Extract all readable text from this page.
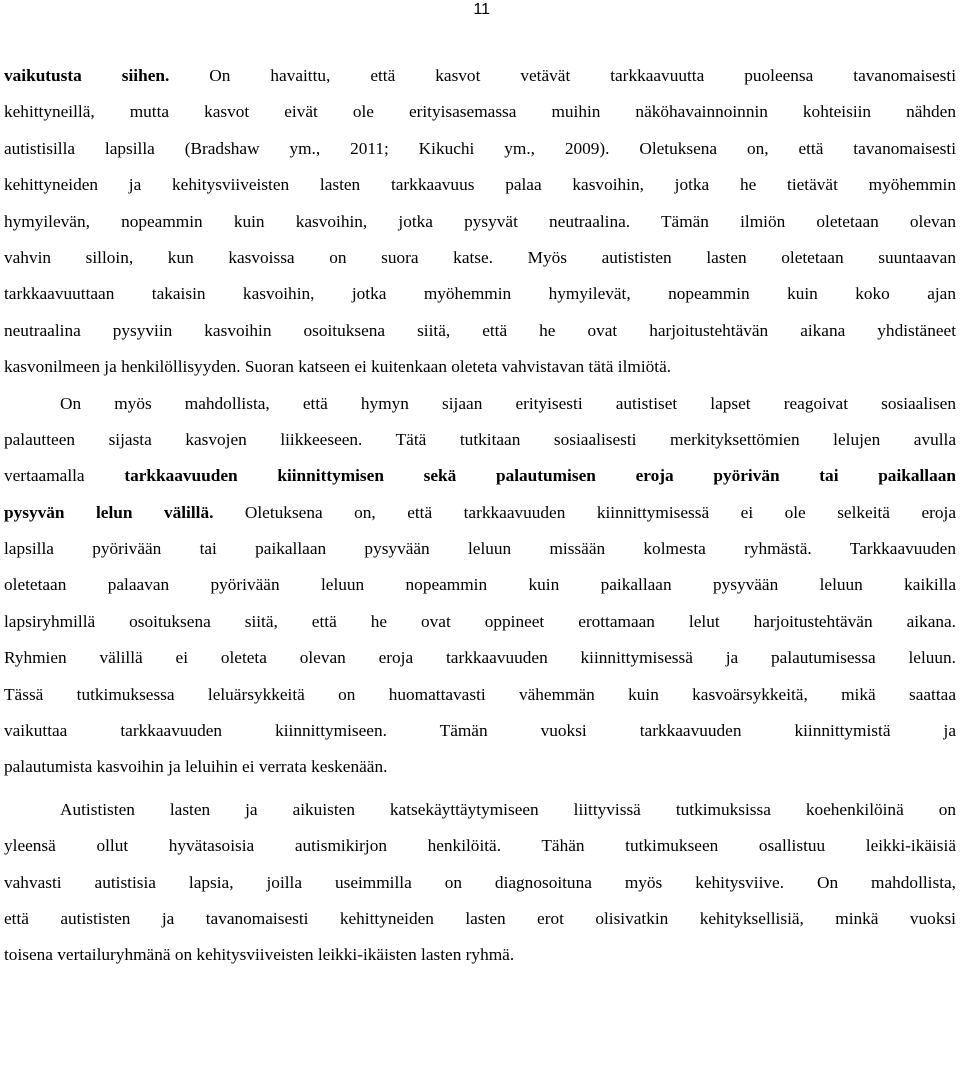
11
vaikutusta siihen. On havaittu, että kasvot vetävät tarkkaavuutta puoleensa tavanomaisesti
kehittyneillä, mutta kasvot eivät ole erityisasemassa muihin näköhavainnoinnin kohteisiin nähden
autistisilla lapsilla (Bradshaw ym., 2011; Kikuchi ym., 2009). Oletuksena on, että tavanomaisesti
kehittyneiden ja kehitysviiveisten lasten tarkkaavuus palaa kasvoihin, jotka he tietävät myöhemmin
hymyilevän, nopeammin kuin kasvoihin, jotka pysyvät neutraalina. Tämän ilmiön oletetaan olevan
vahvin silloin, kun kasvoissa on suora katse. Myös autististen lasten oletetaan suuntaavan
tarkkaavuuttaan takaisin kasvoihin, jotka myöhemmin hymyilevät, nopeammin kuin koko ajan
neutraalina pysyviin kasvoihin osoituksena siitä, että he ovat harjoitustehtävän aikana yhdistäneet
kasvonilmeen ja henkilöllisyyden. Suoran katseen ei kuitenkaan oleteta vahvistavan tätä ilmiötä.
On myös mahdollista, että hymyn sijaan erityisesti autistiset lapset reagoivat sosiaalisen
palautteen sijasta kasvojen liikkeeseen. Tätä tutkitaan sosiaalisesti merkityksettömien lelujen avulla
vertaamalla tarkkaavuuden kiinnittymisen sekä palautumisen eroja pyörivän tai paikallaan
pysyvän lelun välillä. Oletuksena on, että tarkkaavuuden kiinnittymisessä ei ole selkeitä eroja
lapsilla pyörivään tai paikallaan pysyvään leluun missään kolmesta ryhmästä. Tarkkaavuuden
oletetaan palaavan pyörivään leluun nopeammin kuin paikallaan pysyvään leluun kaikilla
lapsiryhmillä osoituksena siitä, että he ovat oppineet erottamaan lelut harjoitustehtävän aikana.
Ryhmien välillä ei oleteta olevan eroja tarkkaavuuden kiinnittymisessä ja palautumisessa leluun.
Tässä tutkimuksessa leluärsykkeitä on huomattavasti vähemmän kuin kasvoärsykkeitä, mikä saattaa
vaikuttaa tarkkaavuuden kiinnittymiseen. Tämän vuoksi tarkkaavuuden kiinnittymistä ja
palautumista kasvoihin ja leluihin ei verrata keskenään.
Autististen lasten ja aikuisten katsekäyttäytymiseen liittyvissä tutkimuksissa koehenkilöinä on
yleensä ollut hyvätasoisia autismikirjon henkilöitä. Tähän tutkimukseen osallistuu leikki-ikäisiä
vahvasti autistisia lapsia, joilla useimmilla on diagnosoituna myös kehitysviive. On mahdollista,
että autististen ja tavanomaisesti kehittyneiden lasten erot olisivatkin kehityksellisiä, minkä vuoksi
toisena vertailuryhmänä on kehitysviiveisten leikki-ikäisten lasten ryhmä.
